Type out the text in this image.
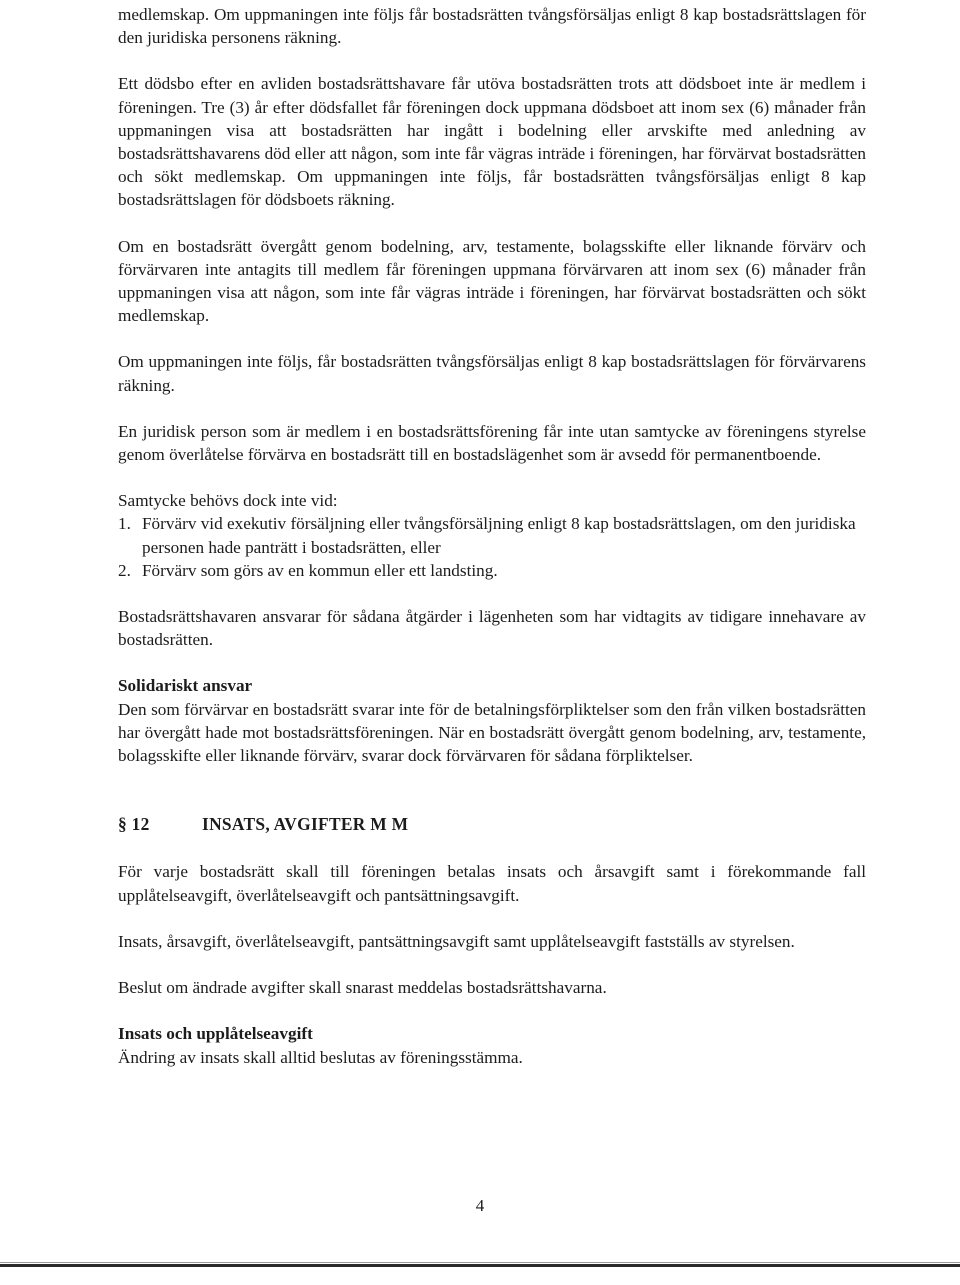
medlemskap. Om uppmaningen inte följs får bostadsrätten tvångsförsäljas enligt 8 kap bostadsrättslagen för den juridiska personens räkning.

Ett dödsbo efter en avliden bostadsrättshavare får utöva bostadsrätten trots att dödsboet inte är medlem i föreningen. Tre (3) år efter dödsfallet får föreningen dock uppmana dödsboet att inom sex (6) månader från uppmaningen visa att bostadsrätten har ingått i bodelning eller arvskifte med anledning av bostadsrättshavarens död eller att någon, som inte får vägras inträde i föreningen, har förvärvat bostadsrätten och sökt medlemskap. Om uppmaningen inte följs, får bostadsrätten tvångsförsäljas enligt 8 kap bostadsrättslagen för dödsboets räkning.

Om en bostadsrätt övergått genom bodelning, arv, testamente, bolagsskifte eller liknande förvärv och förvärvaren inte antagits till medlem får föreningen uppmana förvärvaren att inom sex (6) månader från uppmaningen visa att någon, som inte får vägras inträde i föreningen, har förvärvat bostadsrätten och sökt medlemskap.

Om uppmaningen inte följs, får bostadsrätten tvångsförsäljas enligt 8 kap bostadsrättslagen för förvärvarens räkning.

En juridisk person som är medlem i en bostadsrättsförening får inte utan samtycke av föreningens styrelse genom överlåtelse förvärva en bostadsrätt till en bostadslägenhet som är avsedd för permanentboende.

Samtycke behövs dock inte vid:

1. Förvärv vid exekutiv försäljning eller tvångsförsäljning enligt 8 kap bostadsrättslagen, om den juridiska personen hade panträtt i bostadsrätten, eller
2. Förvärv som görs av en kommun eller ett landsting.

Bostadsrättshavaren ansvarar för sådana åtgärder i lägenheten som har vidtagits av tidigare innehavare av bostadsrätten.

Solidariskt ansvar

Den som förvärvar en bostadsrätt svarar inte för de betalningsförpliktelser som den från vilken bostadsrätten har övergått hade mot bostadsrättsföreningen. När en bostadsrätt övergått genom bodelning, arv, testamente, bolagsskifte eller liknande förvärv, svarar dock förvärvaren för sådana förpliktelser.

§ 12	INSATS, AVGIFTER M M

För varje bostadsrätt skall till föreningen betalas insats och årsavgift samt i förekommande fall upplåtelseavgift, överlåtelseavgift och pantsättningsavgift.

Insats, årsavgift, överlåtelseavgift, pantsättningsavgift samt upplåtelseavgift fastställs av styrelsen.

Beslut om ändrade avgifter skall snarast meddelas bostadsrättshavarna.

Insats och upplåtelseavgift

Ändring av insats skall alltid beslutas av föreningsstämma.

4
